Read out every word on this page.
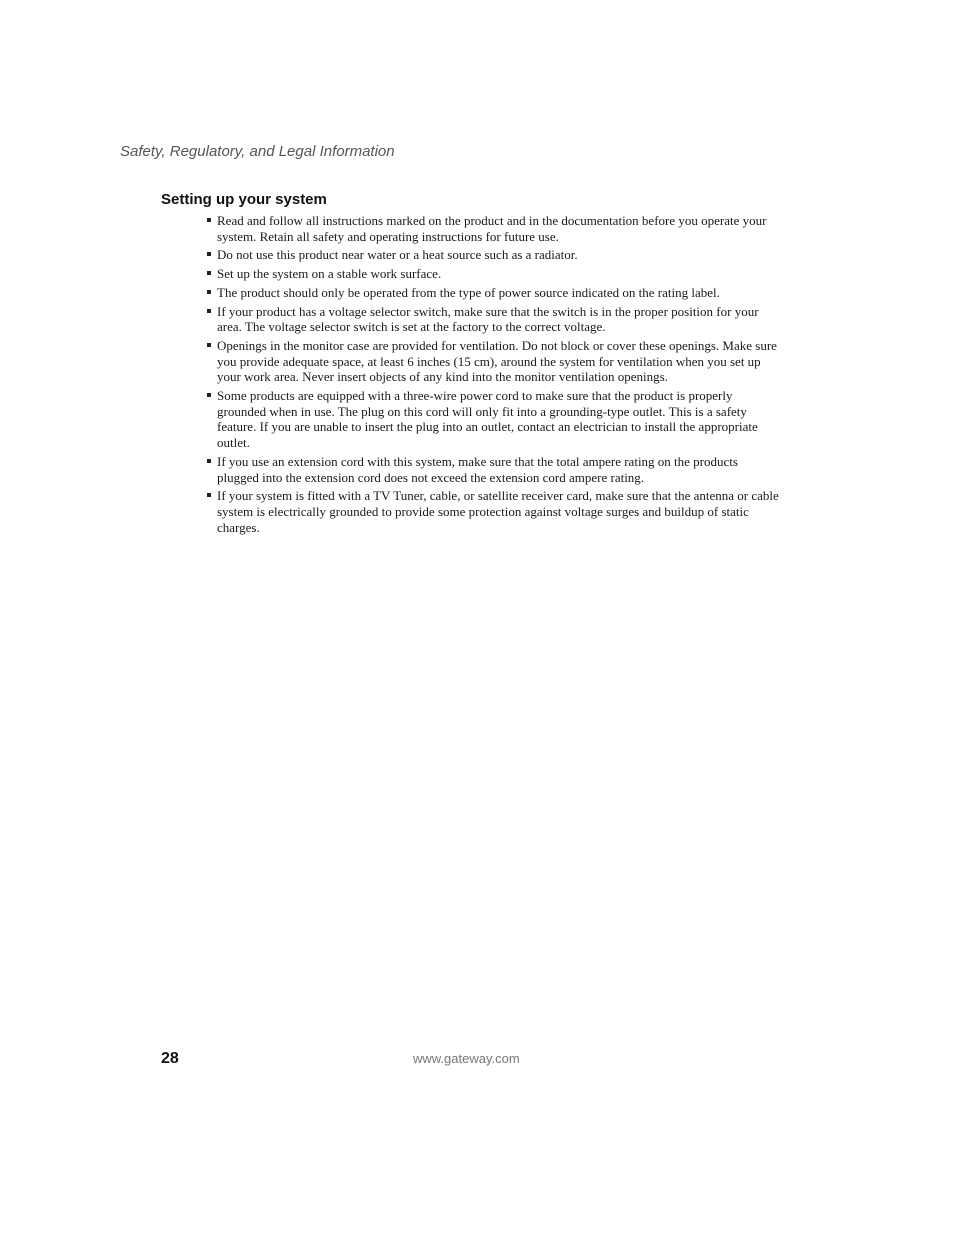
Safety, Regulatory, and Legal Information
Setting up your system
Read and follow all instructions marked on the product and in the documentation before you operate your system. Retain all safety and operating instructions for future use.
Do not use this product near water or a heat source such as a radiator.
Set up the system on a stable work surface.
The product should only be operated from the type of power source indicated on the rating label.
If your product has a voltage selector switch, make sure that the switch is in the proper position for your area. The voltage selector switch is set at the factory to the correct voltage.
Openings in the monitor case are provided for ventilation. Do not block or cover these openings. Make sure you provide adequate space, at least 6 inches (15 cm), around the system for ventilation when you set up your work area. Never insert objects of any kind into the monitor ventilation openings.
Some products are equipped with a three-wire power cord to make sure that the product is properly grounded when in use. The plug on this cord will only fit into a grounding-type outlet. This is a safety feature. If you are unable to insert the plug into an outlet, contact an electrician to install the appropriate outlet.
If you use an extension cord with this system, make sure that the total ampere rating on the products plugged into the extension cord does not exceed the extension cord ampere rating.
If your system is fitted with a TV Tuner, cable, or satellite receiver card, make sure that the antenna or cable system is electrically grounded to provide some protection against voltage surges and buildup of static charges.
28	www.gateway.com
